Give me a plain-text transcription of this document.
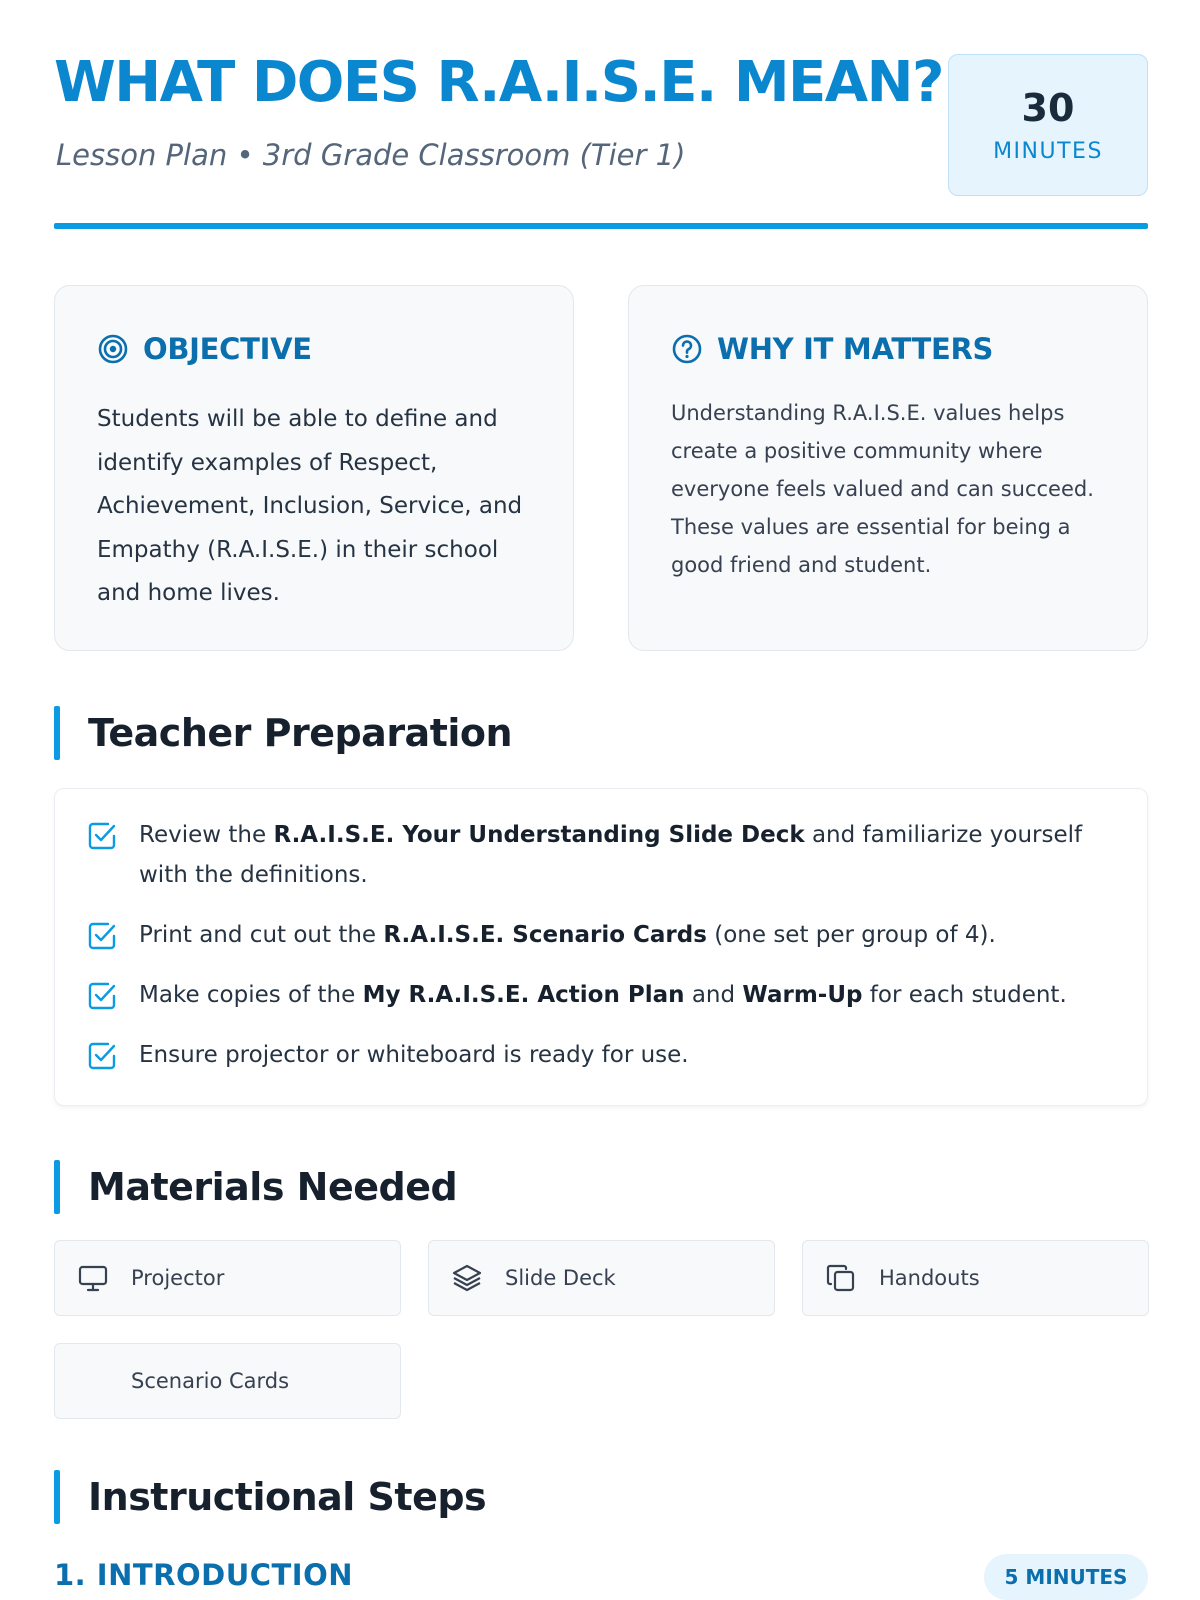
WHAT DOES R.A.I.S.E. MEAN?
Lesson Plan • 3rd Grade Classroom (Tier 1)
30
MINUTES
OBJECTIVE
Students will be able to define and identify examples of Respect, Achievement, Inclusion, Service, and Empathy (R.A.I.S.E.) in their school and home lives.
WHY IT MATTERS
Understanding R.A.I.S.E. values helps create a positive community where everyone feels valued and can succeed. These values are essential for being a good friend and student.
Teacher Preparation
Review the R.A.I.S.E. Your Understanding Slide Deck and familiarize yourself with the definitions.
Print and cut out the R.A.I.S.E. Scenario Cards (one set per group of 4).
Make copies of the My R.A.I.S.E. Action Plan and Warm-Up for each student.
Ensure projector or whiteboard is ready for use.
Materials Needed
Projector	Slide Deck	Handouts
Scenario Cards
Instructional Steps
1. INTRODUCTION	5 MINUTES
